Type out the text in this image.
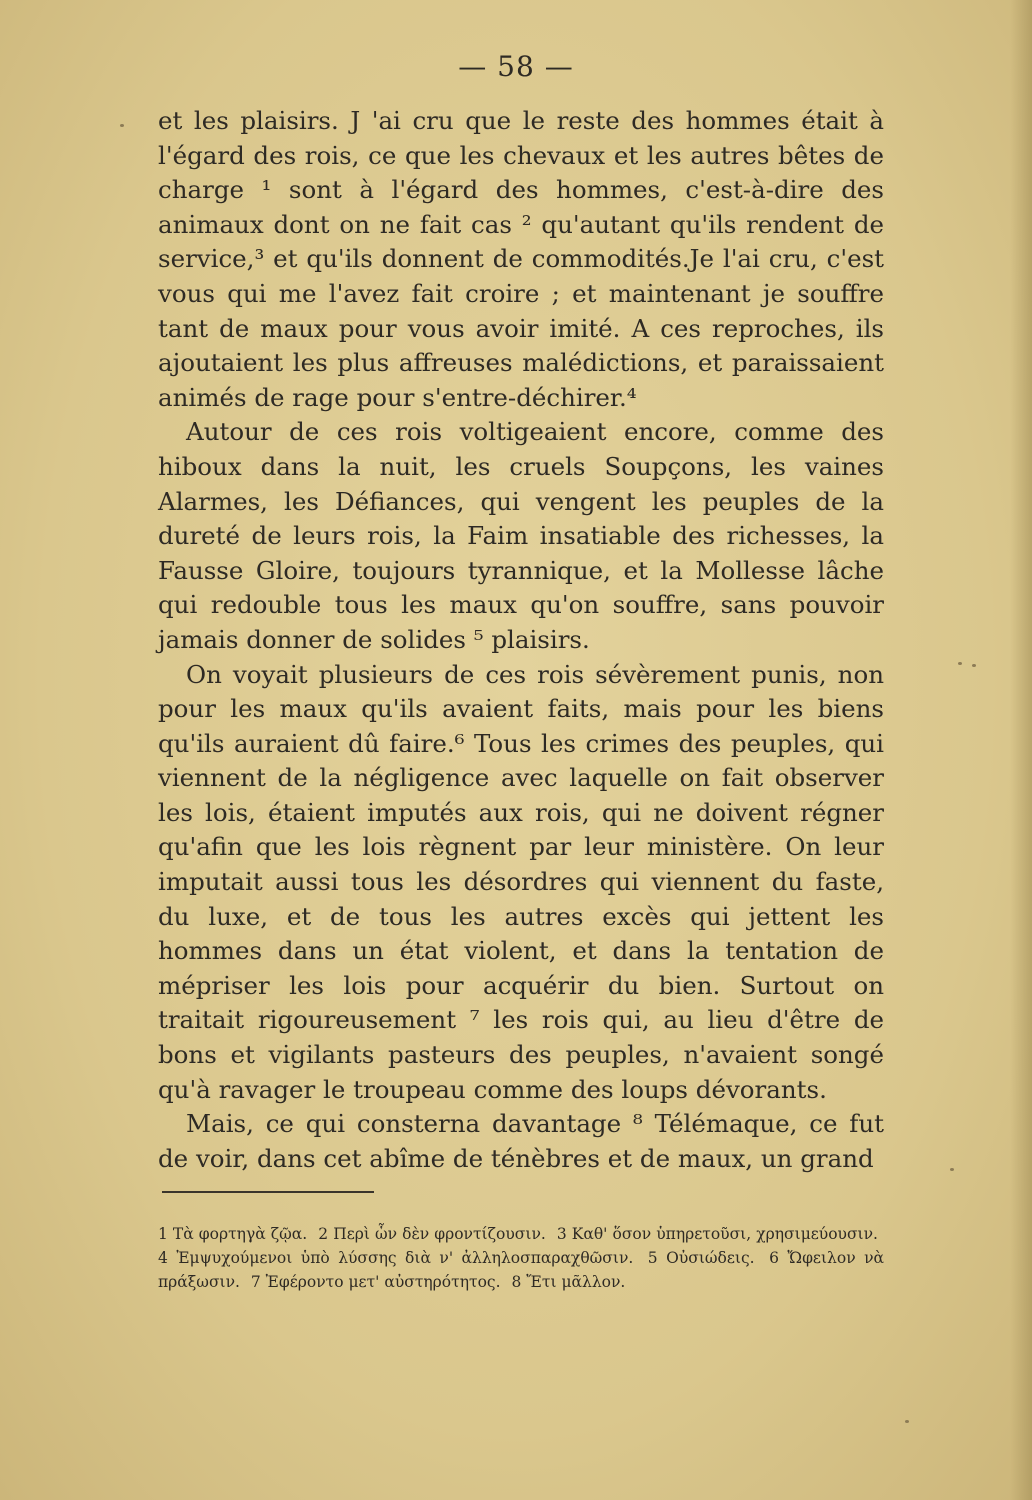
— 58 —

et les plaisirs. J 'ai cru que le reste des hommes était à l'égard des rois, ce que les chevaux et les autres bêtes de charge ¹ sont à l'égard des hommes, c'est-à-dire des animaux dont on ne fait cas ² qu'autant qu'ils rendent de service,³ et qu'ils donnent de commodités.Je l'ai cru, c'est vous qui me l'avez fait croire ; et maintenant je souffre tant de maux pour vous avoir imité. A ces reproches, ils ajoutaient les plus affreuses malédictions, et paraissaient animés de rage pour s'entre-déchirer.⁴

Autour de ces rois voltigeaient encore, comme des hiboux dans la nuit, les cruels Soupçons, les vaines Alarmes, les Défiances, qui vengent les peuples de la dureté de leurs rois, la Faim insatiable des richesses, la Fausse Gloire, toujours tyrannique, et la Mollesse lâche qui redouble tous les maux qu'on souffre, sans pouvoir jamais donner de solides ⁵ plaisirs.

On voyait plusieurs de ces rois sévèrement punis, non pour les maux qu'ils avaient faits, mais pour les biens qu'ils auraient dû faire.⁶ Tous les crimes des peuples, qui viennent de la négligence avec laquelle on fait observer les lois, étaient imputés aux rois, qui ne doivent régner qu'afin que les lois règnent par leur ministère. On leur imputait aussi tous les désordres qui viennent du faste, du luxe, et de tous les autres excès qui jettent les hommes dans un état violent, et dans la tentation de mépriser les lois pour acquérir du bien. Surtout on traitait rigoureusement ⁷ les rois qui, au lieu d'être de bons et vigilants pasteurs des peuples, n'avaient songé qu'à ravager le troupeau comme des loups dévorants.

Mais, ce qui consterna davantage ⁸ Télémaque, ce fut de voir, dans cet abîme de ténèbres et de maux, un grand

1 Τὰ φορτηγὰ ζῷα. 2 Περὶ ὧν δὲν φροντίζουσιν. 3 Καθ' ὅσον ὑπηρετοῦσι, χρησιμεύουσιν. 4 Ἐμψυχούμενοι ὑπὸ λύσσης διὰ ν' ἀλληλοσπαραχθῶσιν. 5 Οὐσιώδεις. 6 Ὤφειλον νὰ πράξωσιν. 7 Ἐφέροντο μετ' αὐστηρότητος. 8 Ἔτι μᾶλλον.
